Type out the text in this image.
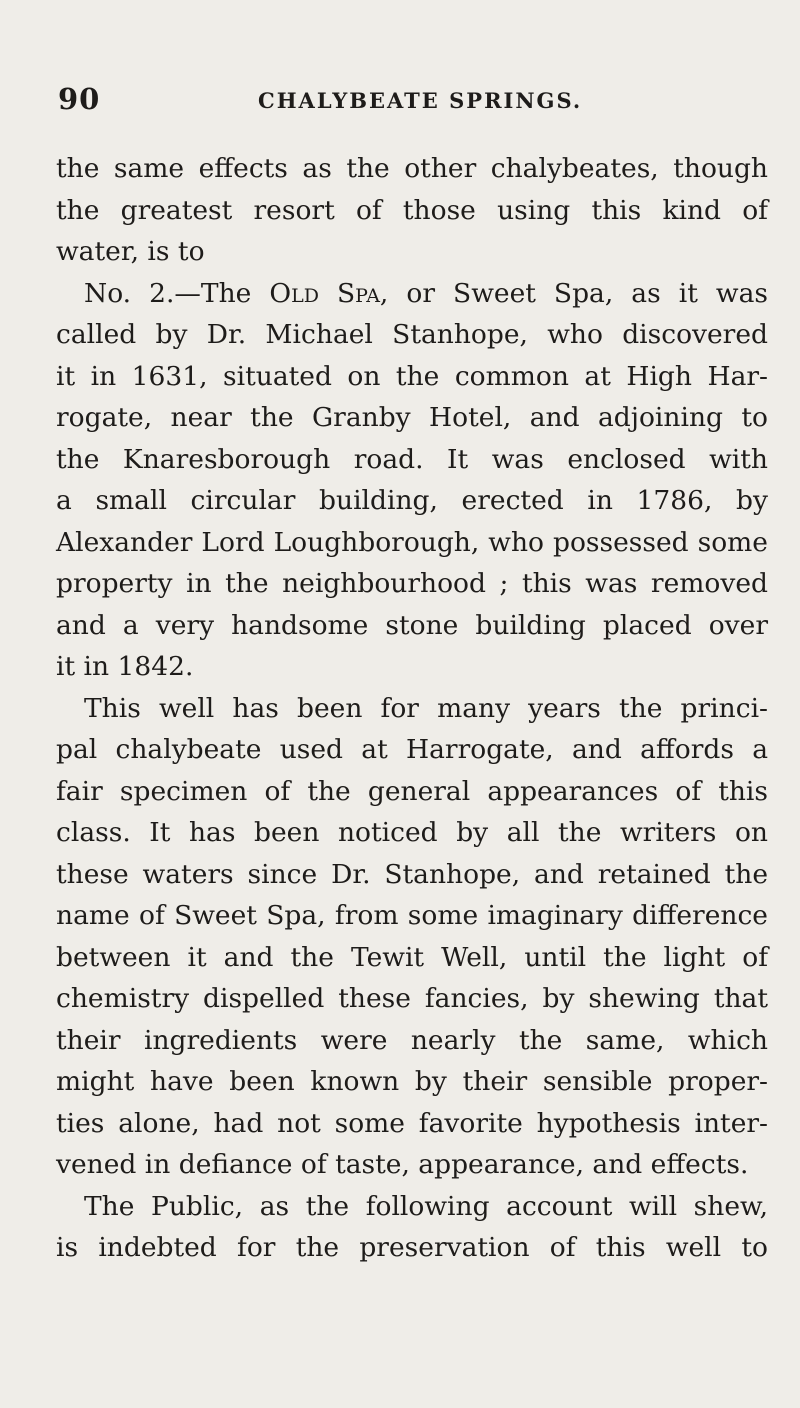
90	CHALYBEATE SPRINGS.
the same effects as the other chalybeates, though
the greatest resort of those using this kind of
water, is to
No. 2.—The Old Spa, or Sweet Spa, as it was
called by Dr. Michael Stanhope, who discovered
it in 1631, situated on the common at High Har-
rogate, near the Granby Hotel, and adjoining to
the Knaresborough road. It was enclosed with
a small circular building, erected in 1786, by
Alexander Lord Loughborough, who possessed some
property in the neighbourhood ; this was removed
and a very handsome stone building placed over
it in 1842.
This well has been for many years the princi-
pal chalybeate used at Harrogate, and affords a
fair specimen of the general appearances of this
class. It has been noticed by all the writers on
these waters since Dr. Stanhope, and retained the
name of Sweet Spa, from some imaginary difference
between it and the Tewit Well, until the light of
chemistry dispelled these fancies, by shewing that
their ingredients were nearly the same, which
might have been known by their sensible proper-
ties alone, had not some favorite hypothesis inter-
vened in defiance of taste, appearance, and effects.
The Public, as the following account will shew,
is indebted for the preservation of this well to
